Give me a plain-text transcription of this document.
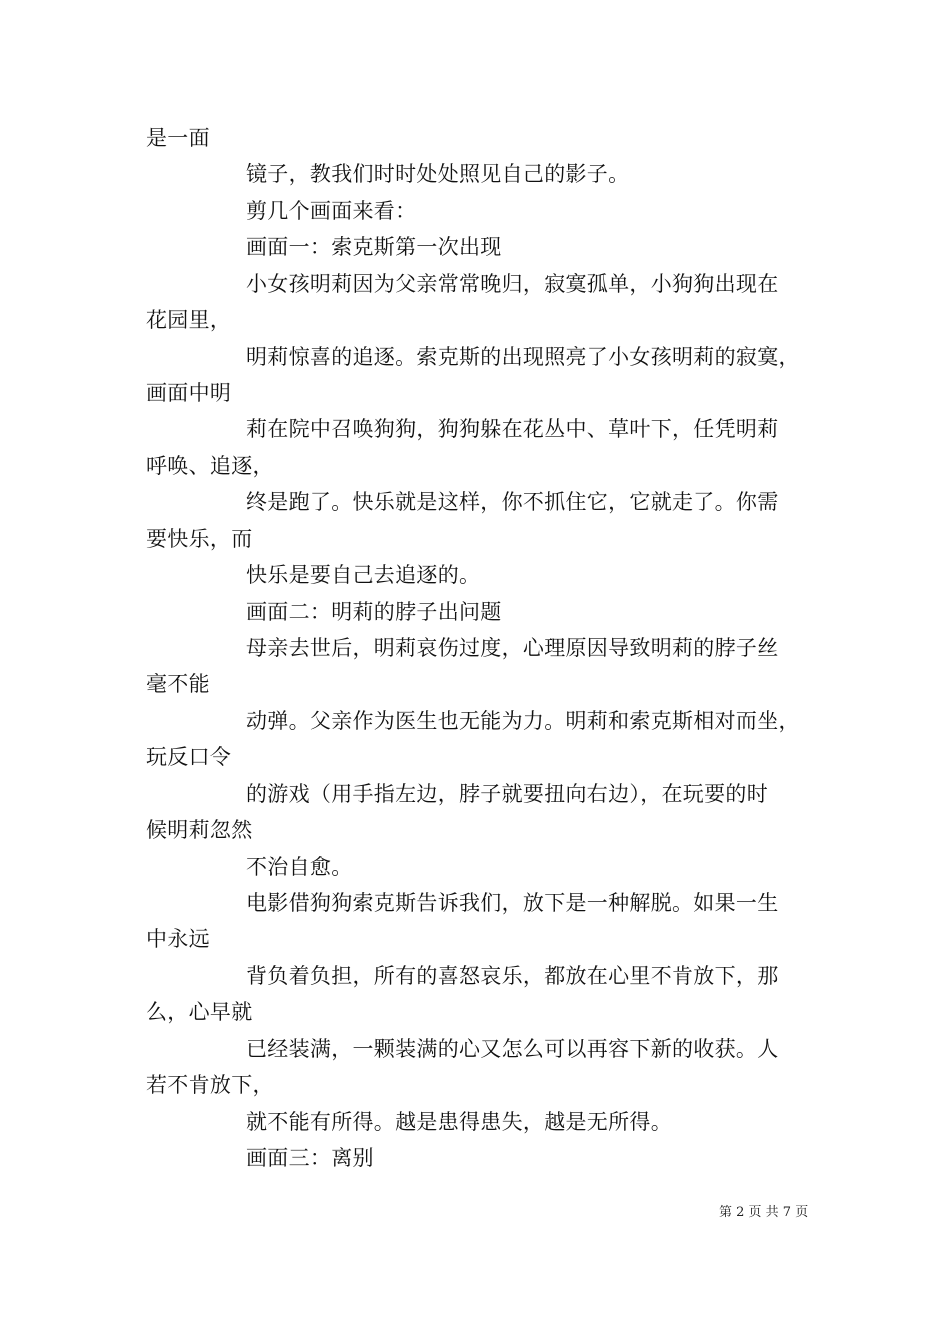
是一面
镜子，教我们时时处处照见自己的影子。
剪几个画面来看：
画面一：索克斯第一次出现
小女孩明莉因为父亲常常晚归，寂寞孤单，小狗狗出现在
花园里，
明莉惊喜的追逐。索克斯的出现照亮了小女孩明莉的寂寞，
画面中明
莉在院中召唤狗狗，狗狗躲在花丛中、草叶下，任凭明莉
呼唤、追逐，
终是跑了。快乐就是这样，你不抓住它，它就走了。你需
要快乐，而
快乐是要自己去追逐的。
画面二：明莉的脖子出问题
母亲去世后，明莉哀伤过度，心理原因导致明莉的脖子丝
毫不能
动弹。父亲作为医生也无能为力。明莉和索克斯相对而坐，
玩反口令
的游戏（用手指左边，脖子就要扭向右边），在玩要的时
候明莉忽然
不治自愈。
电影借狗狗索克斯告诉我们，放下是一种解脱。如果一生
中永远
背负着负担，所有的喜怒哀乐，都放在心里不肯放下，那
么，心早就
已经装满，一颗装满的心又怎么可以再容下新的收获。人
若不肯放下，
就不能有所得。越是患得患失，越是无所得。
画面三：离别
第 2 页 共 7 页
